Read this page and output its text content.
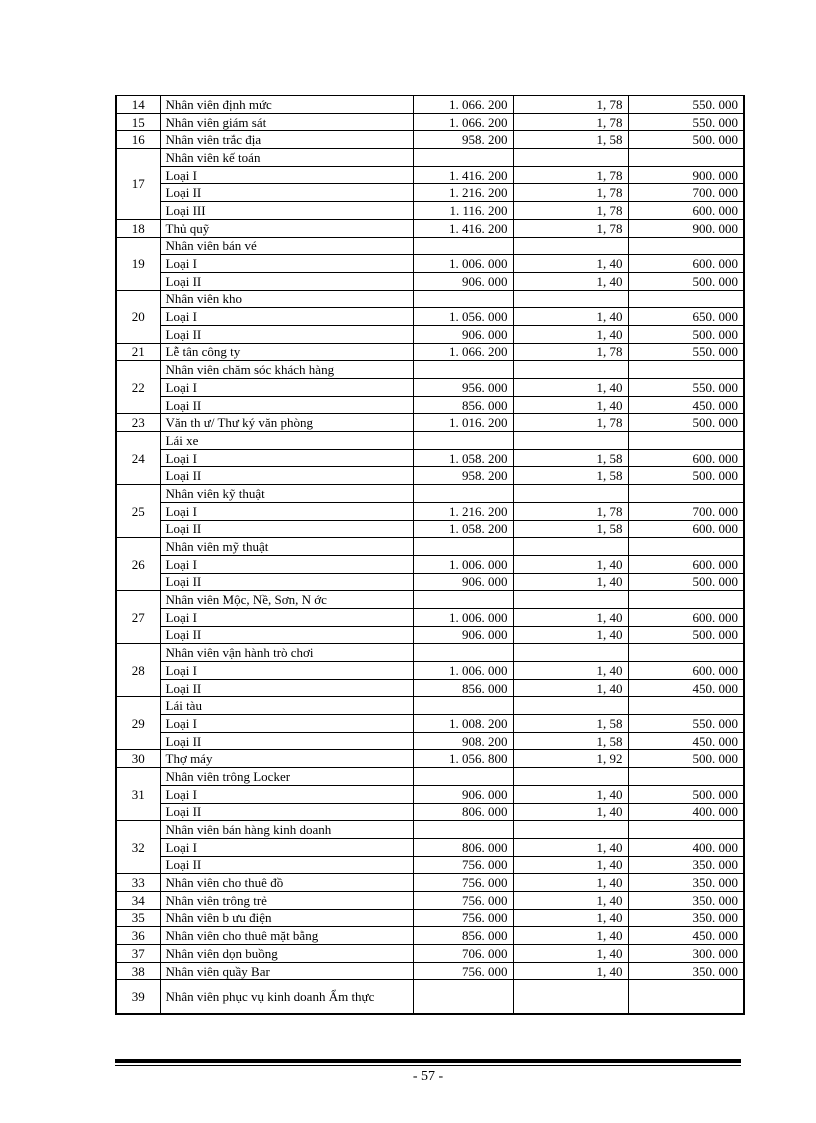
14	Nhân viên định mức	1. 066. 200	1, 78	550. 000
15	Nhân viên giám sát	1. 066. 200	1, 78	550. 000
16	Nhân viên trắc địa	958. 200	1, 58	500. 000
17	Nhân viên kế toán			
	Loại I	1. 416. 200	1, 78	900. 000
	Loại II	1. 216. 200	1, 78	700. 000
	Loại III	1. 116. 200	1, 78	600. 000
18	Thủ quỹ	1. 416. 200	1, 78	900. 000
19	Nhân viên bán vé			
	Loại I	1. 006. 000	1, 40	600. 000
	Loại II	906. 000	1, 40	500. 000
20	Nhân viên kho			
	Loại I	1. 056. 000	1, 40	650. 000
	Loại II	906. 000	1, 40	500. 000
21	Lễ tân công ty	1. 066. 200	1, 78	550. 000
22	Nhân viên chăm sóc khách hàng			
	Loại I	956. 000	1, 40	550. 000
	Loại II	856. 000	1, 40	450. 000
23	Văn th ư/ Thư ký văn phòng	1. 016. 200	1, 78	500. 000
24	Lái xe			
	Loại I	1. 058. 200	1, 58	600. 000
	Loại II	958. 200	1, 58	500. 000
25	Nhân viên kỹ thuật			
	Loại I	1. 216. 200	1, 78	700. 000
	Loại II	1. 058. 200	1, 58	600. 000
26	Nhân viên mỹ thuật			
	Loại I	1. 006. 000	1, 40	600. 000
	Loại II	906. 000	1, 40	500. 000
27	Nhân viên Mộc, Nề, Sơn, N ớc			
	Loại I	1. 006. 000	1, 40	600. 000
	Loại II	906. 000	1, 40	500. 000
28	Nhân viên vận hành trò chơi			
	Loại I	1. 006. 000	1, 40	600. 000
	Loại II	856. 000	1, 40	450. 000
29	Lái tàu			
	Loại I	1. 008. 200	1, 58	550. 000
	Loại II	908. 200	1, 58	450. 000
30	Thợ máy	1. 056. 800	1, 92	500. 000
31	Nhân viên trông Locker			
	Loại I	906. 000	1, 40	500. 000
	Loại II	806. 000	1, 40	400. 000
32	Nhân viên bán hàng kinh doanh			
	Loại I	806. 000	1, 40	400. 000
	Loại II	756. 000	1, 40	350. 000
33	Nhân viên cho thuê đồ	756. 000	1, 40	350. 000
34	Nhân viên trông trẻ	756. 000	1, 40	350. 000
35	Nhân viên b ưu điện	756. 000	1, 40	350. 000
36	Nhân viên cho thuê mặt bằng	856. 000	1, 40	450. 000
37	Nhân viên dọn buồng	706. 000	1, 40	300. 000
38	Nhân viên quầy Bar	756. 000	1, 40	350. 000
39	Nhân viên phục vụ kinh doanh Ẩm thực			
- 57 -
